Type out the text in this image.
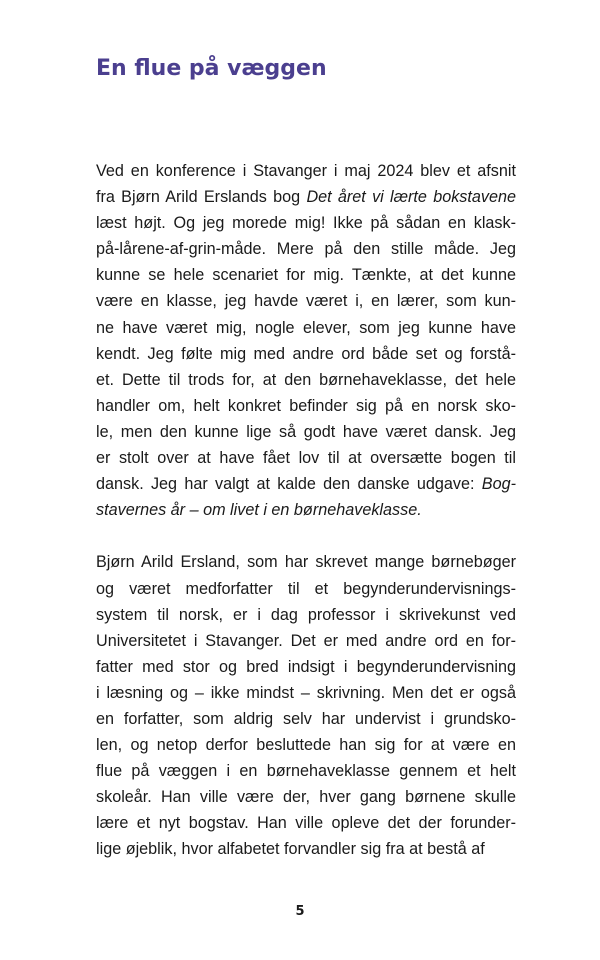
En flue på væggen
Ved en konference i Stavanger i maj 2024 blev et afsnit
fra Bjørn Arild Erslands bog Det året vi lærte bokstavene
læst højt. Og jeg morede mig! Ikke på sådan en klask-
på-lårene-af-grin-måde. Mere på den stille måde. Jeg
kunne se hele scenariet for mig. Tænkte, at det kunne
være en klasse, jeg havde været i, en lærer, som kun-
ne have været mig, nogle elever, som jeg kunne have
kendt. Jeg følte mig med andre ord både set og forstå-
et. Dette til trods for, at den børnehaveklasse, det hele
handler om, helt konkret befinder sig på en norsk sko-
le, men den kunne lige så godt have været dansk. Jeg
er stolt over at have fået lov til at oversætte bogen til
dansk. Jeg har valgt at kalde den danske udgave: Bog-
stavernes år – om livet i en børnehaveklasse.
Bjørn Arild Ersland, som har skrevet mange børnebøger
og været medforfatter til et begynderundervisnings-
system til norsk, er i dag professor i skrivekunst ved
Universitetet i Stavanger. Det er med andre ord en for-
fatter med stor og bred indsigt i begynderundervisning
i læsning og – ikke mindst – skrivning. Men det er også
en forfatter, som aldrig selv har undervist i grundsko-
len, og netop derfor besluttede han sig for at være en
flue på væggen i en børnehaveklasse gennem et helt
skoleår. Han ville være der, hver gang børnene skulle
lære et nyt bogstav. Han ville opleve det der forunder-
lige øjeblik, hvor alfabetet forvandler sig fra at bestå af
5
